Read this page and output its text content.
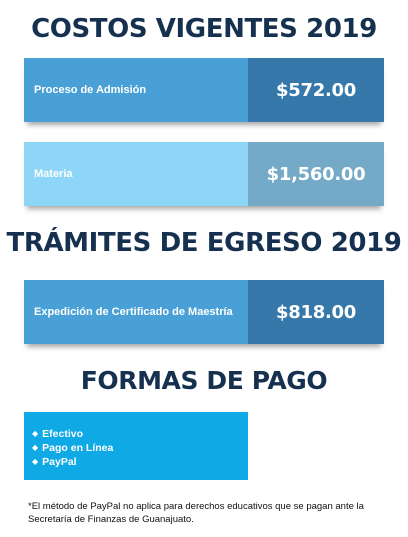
COSTOS VIGENTES 2019
Proceso de Admisión	$572.00
Materia	$1,560.00
TRÁMITES DE EGRESO 2019
Expedición de Certificado de Maestría	$818.00
FORMAS DE PAGO
◆ Efectivo
◆ Pago en Línea
◆ PayPal

*El método de PayPal no aplica para derechos educativos que se pagan ante la Secretaría de Finanzas de Guanajuato.
